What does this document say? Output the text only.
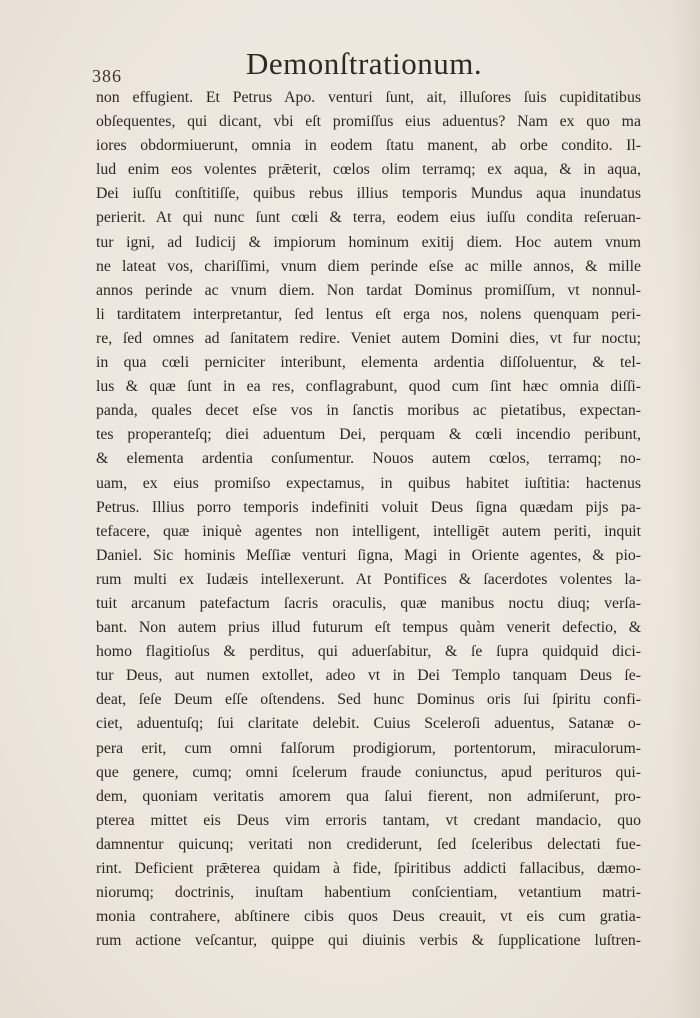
386	Demonſtrationum.
non effugient. Et Petrus Apo. venturi ſunt, ait, illuſores ſuis cupiditatibus
obſequentes, qui dicant, vbi eſt promiſſus eius aduentus? Nam ex quo ma
iores obdormiuerunt, omnia in eodem ſtatu manent, ab orbe condito. Il-
lud enim eos volentes prǣterit, cœlos olim terramq; ex aqua, & in aqua,
Dei iuſſu conſtitiſſe, quibus rebus illius temporis Mundus aqua inundatus
perierit. At qui nunc ſunt cœli & terra, eodem eius iuſſu condita reſeruan-
tur igni, ad Iudicij & impiorum hominum exitij diem. Hoc autem vnum
ne lateat vos, chariſſimi, vnum diem perinde eſse ac mille annos, & mille
annos perinde ac vnum diem. Non tardat Dominus promiſſum, vt nonnul-
li tarditatem interpretantur, ſed lentus eſt erga nos, nolens quenquam peri-
re, ſed omnes ad ſanitatem redire. Veniet autem Domini dies, vt fur noctu;
in qua cœli perniciter interibunt, elementa ardentia diſſoluentur, & tel-
lus & quæ ſunt in ea res, conflagrabunt, quod cum ſint hæc omnia diſſi-
panda, quales decet eſse vos in ſanctis moribus ac pietatibus, expectan-
tes properanteſq; diei aduentum Dei, perquam & cœli incendio peribunt,
& elementa ardentia conſumentur. Nouos autem cœlos, terramq; no-
uam, ex eius promiſso expectamus, in quibus habitet iuſtitia: hactenus
Petrus. Illius porro temporis indefiniti voluit Deus ſigna quædam pijs pa-
tefacere, quæ iniquè agentes non intelligent, intelligēt autem periti, inquit
Daniel. Sic hominis Meſſiæ venturi ſigna, Magi in Oriente agentes, & pio-
rum multi ex Iudæis intellexerunt. At Pontifices & ſacerdotes volentes la-
tuit arcanum patefactum ſacris oraculis, quæ manibus noctu diuq; verſa-
bant. Non autem prius illud futurum eſt tempus quàm venerit defectio, &
homo flagitioſus & perditus, qui aduerſabitur, & ſe ſupra quidquid dici-
tur Deus, aut numen extollet, adeo vt in Dei Templo tanquam Deus ſe-
deat, ſeſe Deum eſſe oſtendens. Sed hunc Dominus oris ſui ſpiritu confi-
ciet, aduentuſq; ſui claritate delebit. Cuius Sceleroſi aduentus, Satanæ o-
pera erit, cum omni falſorum prodigiorum, portentorum, miraculorum-
que genere, cumq; omni ſcelerum fraude coniunctus, apud perituros qui-
dem, quoniam veritatis amorem qua ſalui fierent, non admiſerunt, pro-
pterea mittet eis Deus vim erroris tantam, vt credant mandacio, quo
damnentur quicunq; veritati non crediderunt, ſed ſceleribus delectati fue-
rint. Deficient prǣterea quidam à fide, ſpiritibus addicti fallacibus, dæmo-
niorumq; doctrinis, inuſtam habentium conſcientiam, vetantium matri-
monia contrahere, abſtinere cibis quos Deus creauit, vt eis cum gratia-
rum actione veſcantur, quippe qui diuinis verbis & ſupplicatione luſtren-
